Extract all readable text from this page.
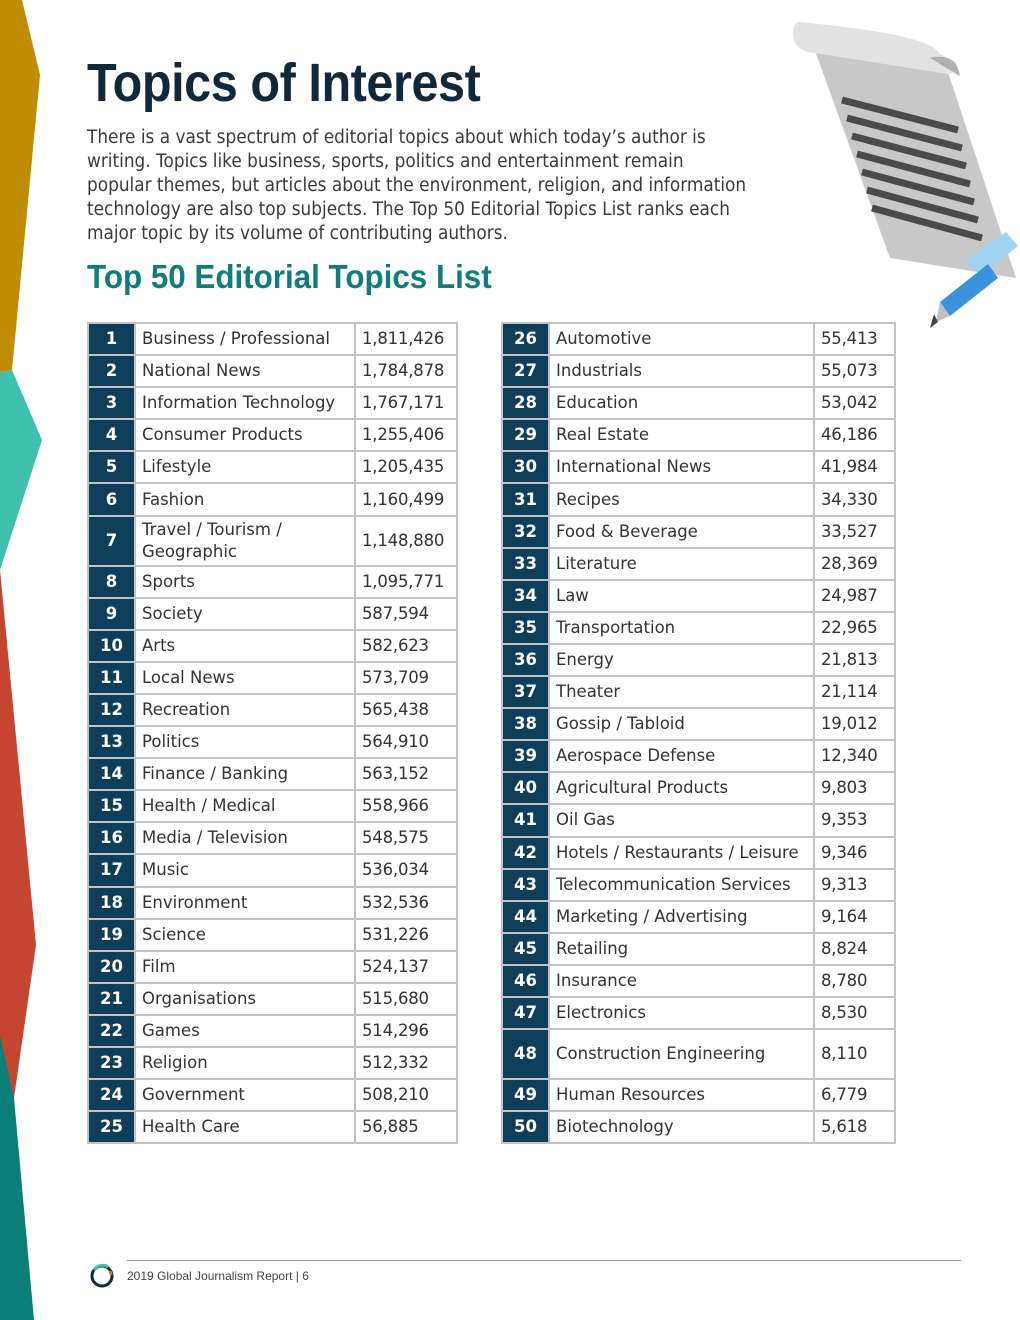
Topics of Interest

There is a vast spectrum of editorial topics about which today’s author is writing. Topics like business, sports, politics and entertainment remain popular themes, but articles about the environment, religion, and information technology are also top subjects. The Top 50 Editorial Topics List ranks each major topic by its volume of contributing authors.

Top 50 Editorial Topics List
1	Business / Professional	1,811,426
2	National News	1,784,878
3	Information Technology	1,767,171
4	Consumer Products	1,255,406
5	Lifestyle	1,205,435
6	Fashion	1,160,499
7	Travel / Tourism / Geographic	1,148,880
8	Sports	1,095,771
9	Society	587,594
10	Arts	582,623
11	Local News	573,709
12	Recreation	565,438
13	Politics	564,910
14	Finance / Banking	563,152
15	Health / Medical	558,966
16	Media / Television	548,575
17	Music	536,034
18	Environment	532,536
19	Science	531,226
20	Film	524,137
21	Organisations	515,680
22	Games	514,296
23	Religion	512,332
24	Government	508,210
25	Health Care	56,885
26	Automotive	55,413
27	Industrials	55,073
28	Education	53,042
29	Real Estate	46,186
30	International News	41,984
31	Recipes	34,330
32	Food & Beverage	33,527
33	Literature	28,369
34	Law	24,987
35	Transportation	22,965
36	Energy	21,813
37	Theater	21,114
38	Gossip / Tabloid	19,012
39	Aerospace Defense	12,340
40	Agricultural Products	9,803
41	Oil Gas	9,353
42	Hotels / Restaurants / Leisure	9,346
43	Telecommunication Services	9,313
44	Marketing / Advertising	9,164
45	Retailing	8,824
46	Insurance	8,780
47	Electronics	8,530
48	Construction Engineering	8,110
49	Human Resources	6,779
50	Biotechnology	5,618
2019 Global Journalism Report | 6
